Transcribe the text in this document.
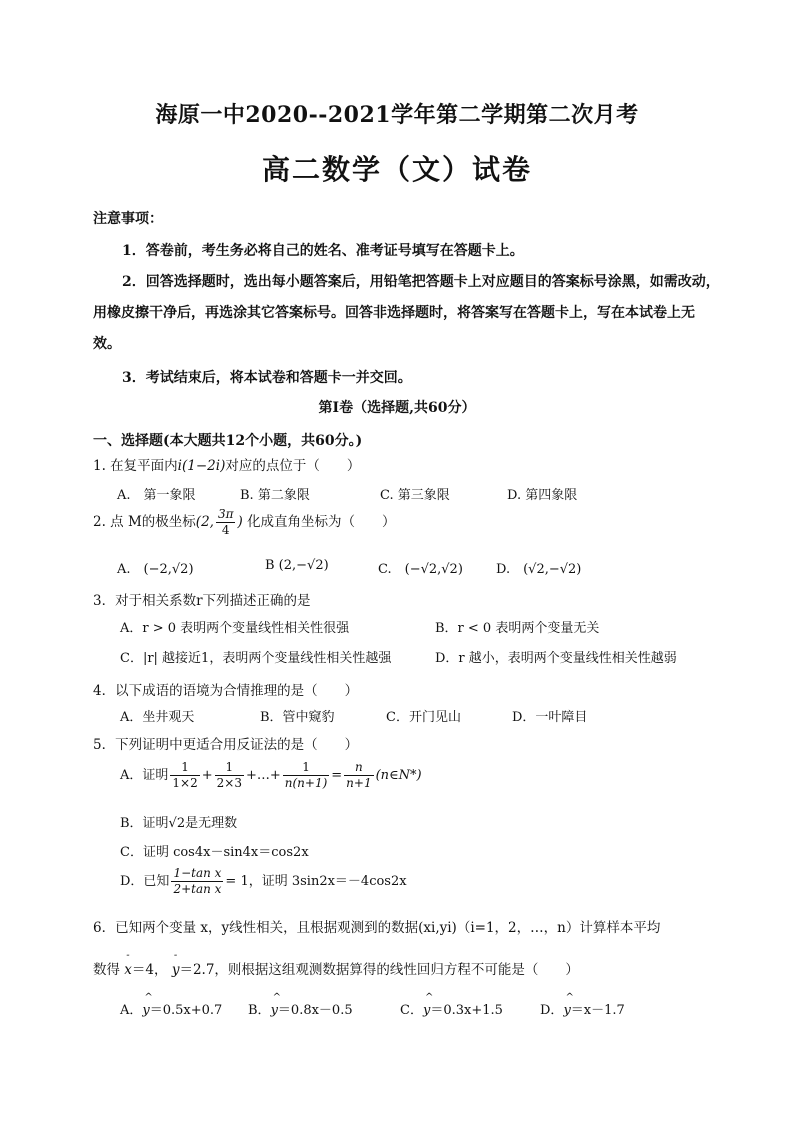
海原一中2020--2021学年第二学期第二次月考
高二数学（文）试卷
注意事项：
1．答卷前，考生务必将自己的姓名、准考证号填写在答题卡上。
2．回答选择题时，选出每小题答案后，用铅笔把答题卡上对应题目的答案标号涂黑，如需改动，
用橡皮擦干净后，再选涂其它答案标号。回答非选择题时，将答案写在答题卡上，写在本试卷上无
效。
3．考试结束后，将本试卷和答题卡一并交回。
第Ⅰ卷（选择题,共60分）
一、选择题(本大题共12个小题，共60分。)
1. 在复平面内i(1−2i)对应的点位于（　　）
A.　第一象限	B. 第二象限	C. 第三象限	D. 第四象限
2. 点 M的极坐标(2, $\frac{3\pi}{4}$ ) 化成直角坐标为（　　）
A.　(−2,√2)	B (2,−√2)	C.　(−√2,√2)	D.　(√2,−√2)
3．对于相关系数r下列描述正确的是
A．r > 0 表明两个变量线性相关性很强	B．r < 0 表明两个变量无关
C．|r| 越接近1，表明两个变量线性相关性越强	D．r 越小，表明两个变量线性相关性越弱
4．以下成语的语境为合情推理的是（　　）
A．坐井观天	B．管中窥豹	C．开门见山	D．一叶障目
5．下列证明中更适合用反证法的是（　　）
A．证明 $\frac{1}{1\times 2} + \frac{1}{2\times 3}$ +…+ $\frac{1}{n(n+1)} = \frac{n}{n+1}$ (n∈N*)
B．证明√2是无理数
C．证明 cos4x－sin4x＝cos2x
D．已知 $\frac{\text{1−tan x}}{\text{2+tan x}} = 1$，证明 3sin2x＝－4cos2x
6．已知两个变量 x，y线性相关，且根据观测到的数据(xi,yi)（i=1，2，…，n）计算样本平均
数得 - x＝4， - y＝2.7，则根据这组观测数据算得的线性回归方程不可能是（　　）
A．^ y＝0.5x+0.7 B．^ y＝0.8x－0.5	C．^ y＝0.3x+1.5	D．^ y＝x－1.7
